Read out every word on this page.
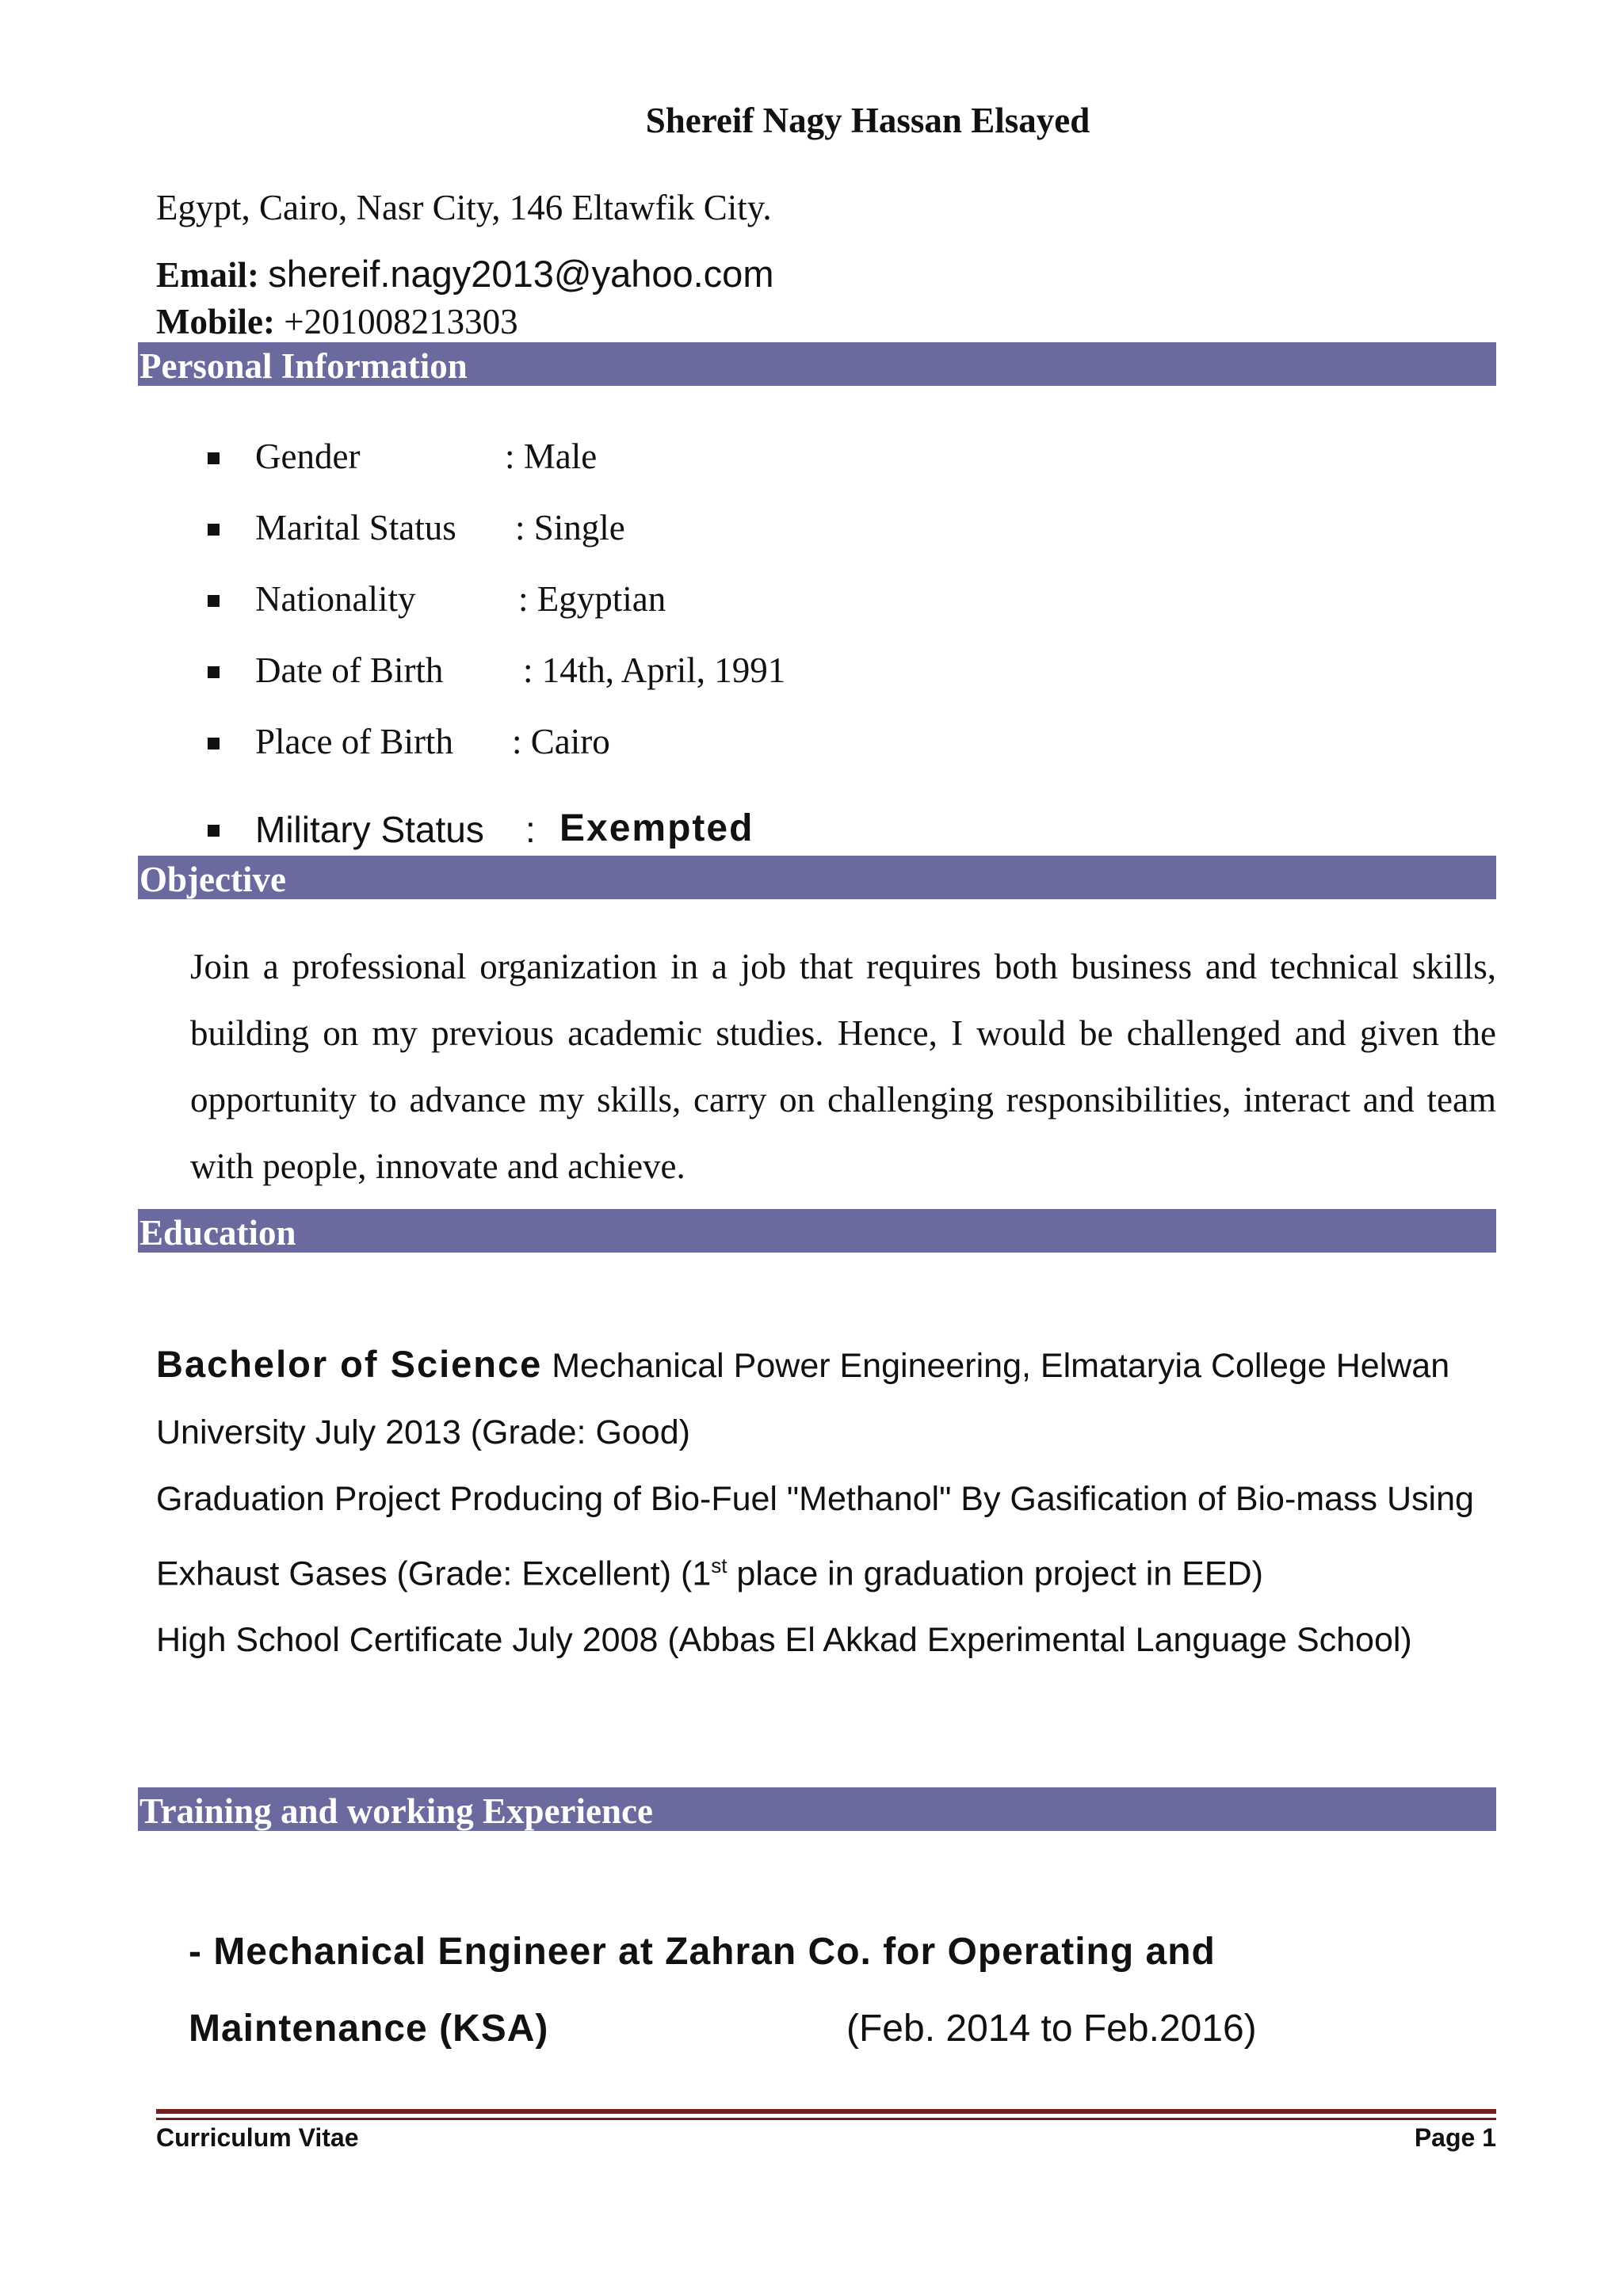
Shereif Nagy Hassan Elsayed
Egypt, Cairo, Nasr City, 146 Eltawfik City.
Email: shereif.nagy2013@yahoo.com
Mobile: +201008213303
Personal Information
Gender	: Male
Marital Status : Single
Nationality	: Egyptian
Date of Birth : 14th, April, 1991
Place of Birth : Cairo
Military Status : Exempted
Objective
Join a professional organization in a job that requires both business and technical skills, building on my previous academic studies. Hence, I would be challenged and given the opportunity to advance my skills, carry on challenging responsibilities, interact and team with people, innovate and achieve.
Education

Bachelor of Science Mechanical Power Engineering, Elmataryia College Helwan University July 2013 (Grade: Good)

Graduation Project Producing of Bio-Fuel "Methanol" By Gasification of Bio-mass Using Exhaust Gases (Grade: Excellent) (1st place in graduation project in EED)

High School Certificate July 2008 (Abbas El Akkad Experimental Language School)

Training and working Experience
- Mechanical Engineer at Zahran Co. for Operating and
Maintenance (KSA)	(Feb. 2014 to Feb.2016)
Curriculum Vitae	Page 1
